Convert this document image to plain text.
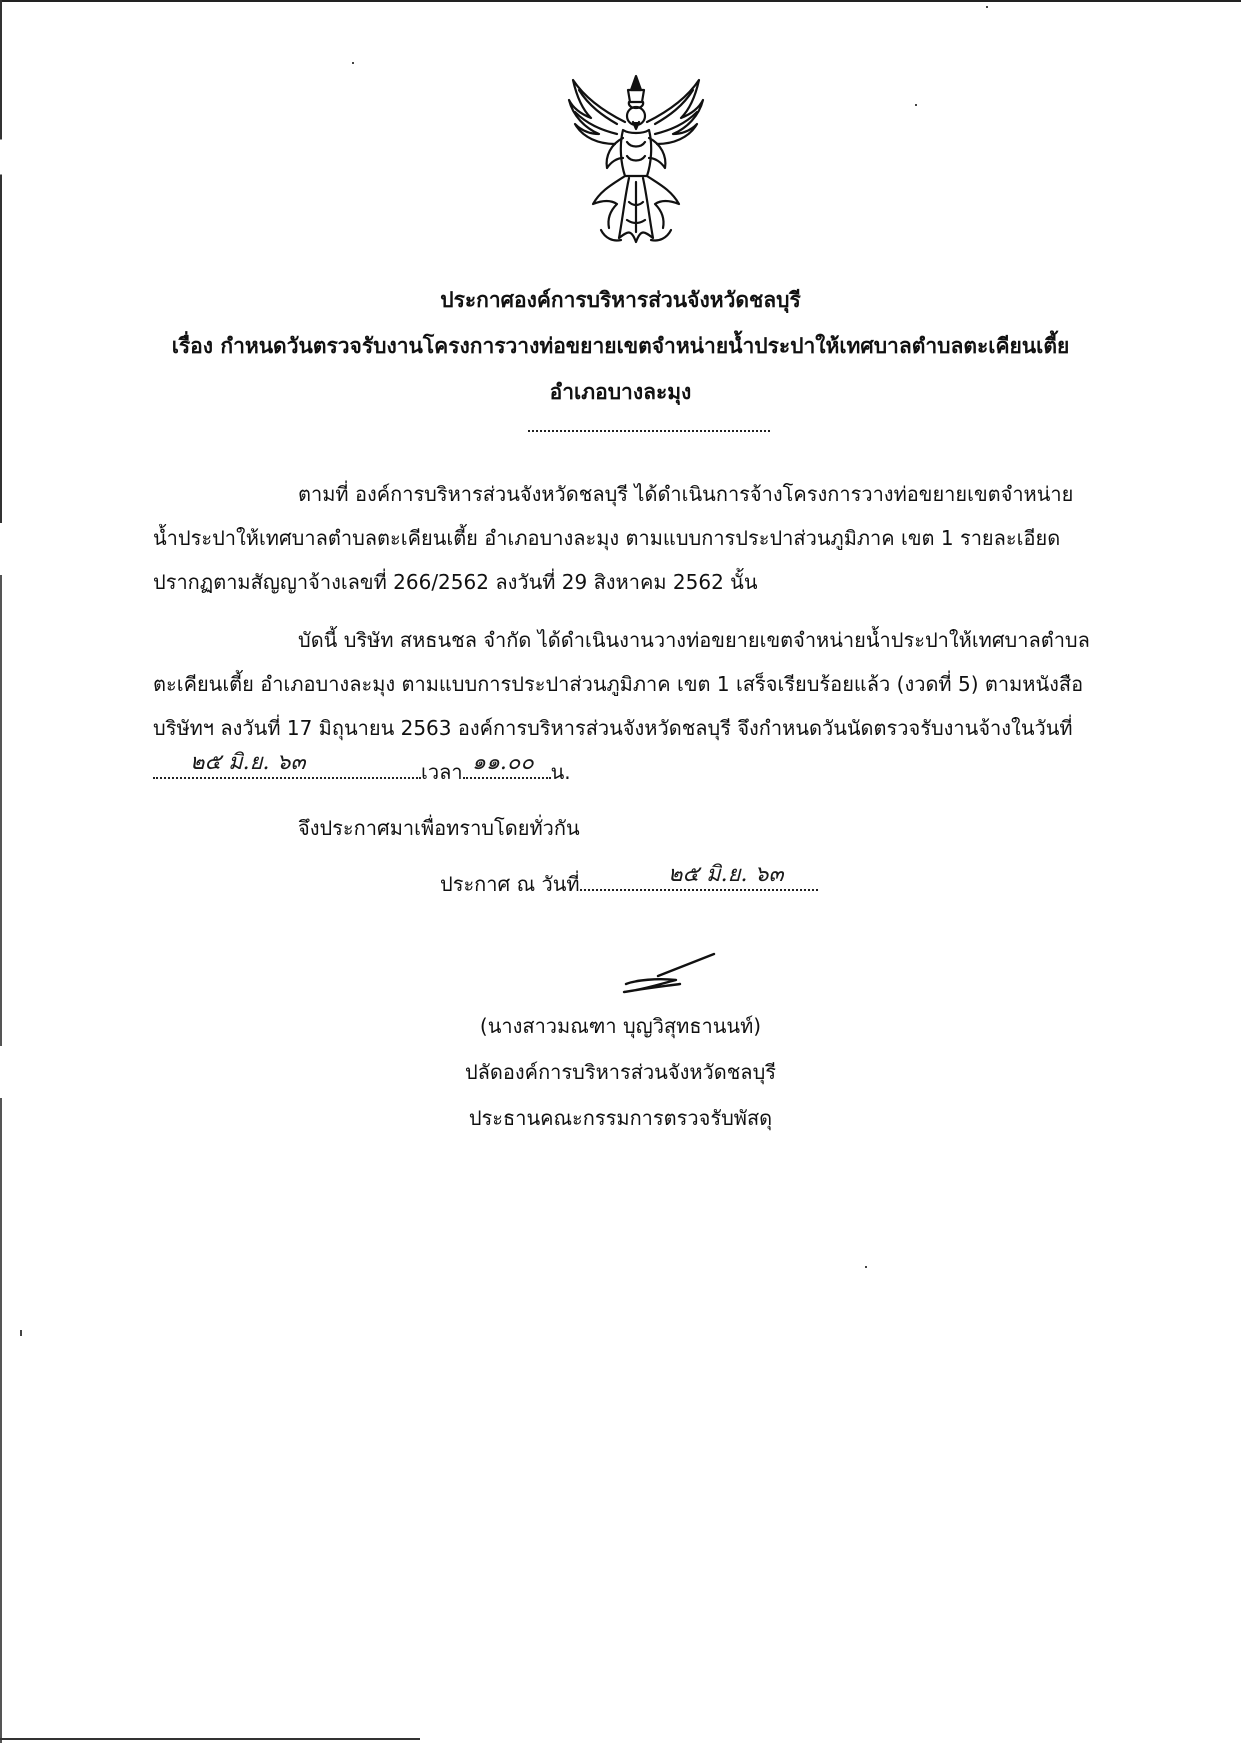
ประกาศองค์การบริหารส่วนจังหวัดชลบุรี
เรื่อง กำหนดวันตรวจรับงานโครงการวางท่อขยายเขตจำหน่ายน้ำประปาให้เทศบาลตำบลตะเคียนเตี้ย
อำเภอบางละมุง
ตามที่ องค์การบริหารส่วนจังหวัดชลบุรี ได้ดำเนินการจ้างโครงการวางท่อขยายเขตจำหน่าย
น้ำประปาให้เทศบาลตำบลตะเคียนเตี้ย อำเภอบางละมุง ตามแบบการประปาส่วนภูมิภาค เขต 1 รายละเอียด
ปรากฏตามสัญญาจ้างเลขที่ 266/2562 ลงวันที่ 29 สิงหาคม 2562 นั้น
บัดนี้ บริษัท สหธนชล จำกัด ได้ดำเนินงานวางท่อขยายเขตจำหน่ายน้ำประปาให้เทศบาลตำบล
ตะเคียนเตี้ย อำเภอบางละมุง ตามแบบการประปาส่วนภูมิภาค เขต 1 เสร็จเรียบร้อยแล้ว (งวดที่ 5) ตามหนังสือ
บริษัทฯ ลงวันที่ 17 มิถุนายน 2563 องค์การบริหารส่วนจังหวัดชลบุรี จึงกำหนดวันนัดตรวจรับงานจ้างในวันที่
เวลา	น.
๒๕ มิ.ย. ๖๓	๑๑.๐๐
จึงประกาศมาเพื่อทราบโดยทั่วกัน
ประกาศ ณ วันที่	๒๕ มิ.ย. ๖๓
(นางสาวมณฑา บุญวิสุทธานนท์)
ปลัดองค์การบริหารส่วนจังหวัดชลบุรี
ประธานคณะกรรมการตรวจรับพัสดุ
